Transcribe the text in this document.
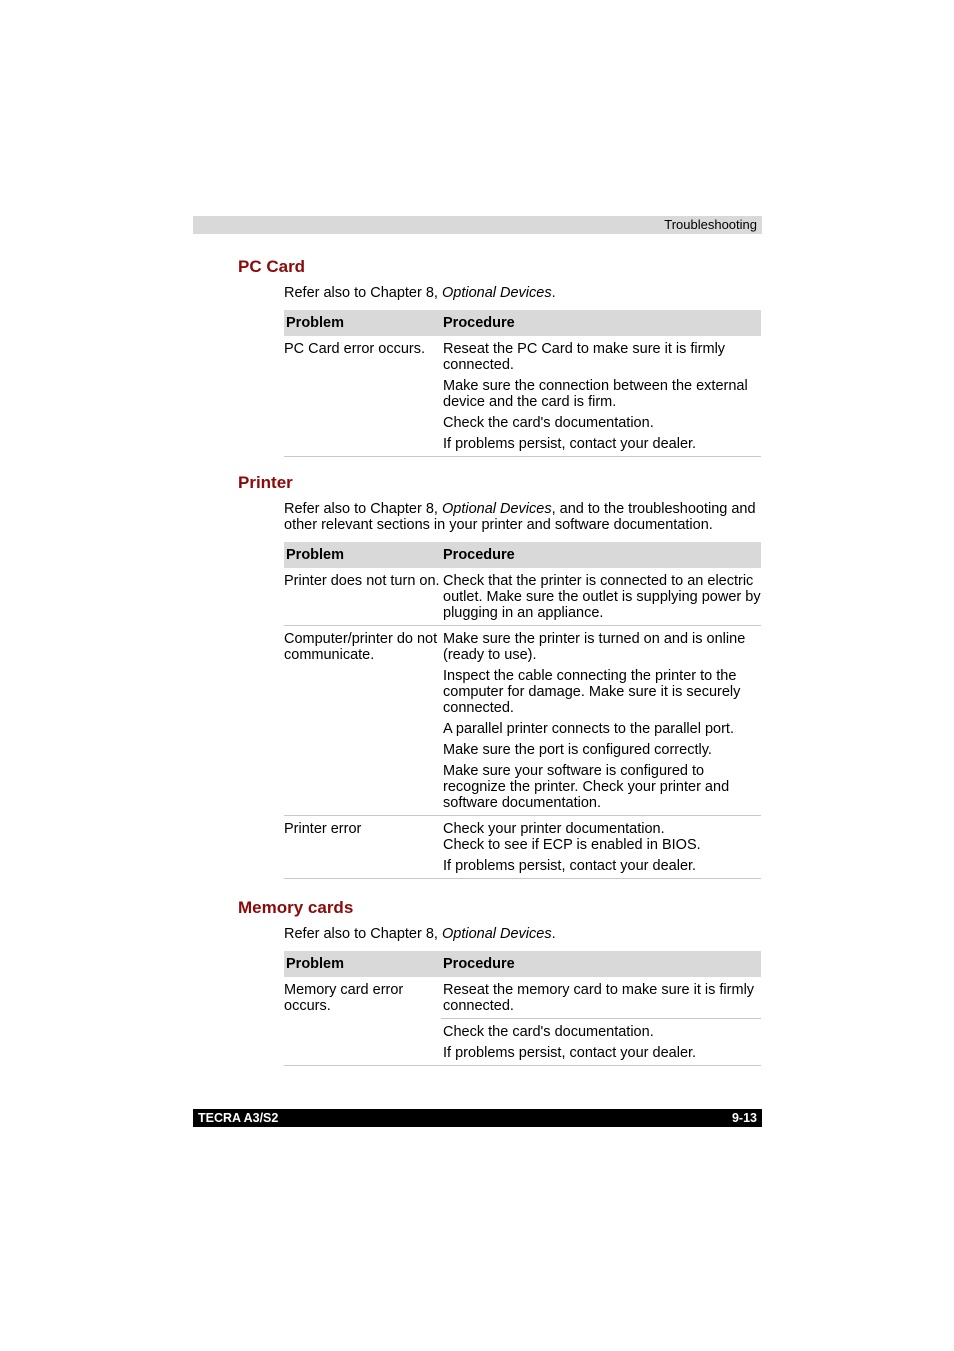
Troubleshooting
PC Card

Refer also to Chapter 8, Optional Devices.

Problem	Procedure

PC Card error occurs.	Reseat the PC Card to make sure it is firmly connected.

Make sure the connection between the external device and the card is firm.

Check the card's documentation.

If problems persist, contact your dealer.

Printer

Refer also to Chapter 8, Optional Devices, and to the troubleshooting and other relevant sections in your printer and software documentation.

Problem	Procedure

Printer does not turn on.	Check that the printer is connected to an electric outlet. Make sure the outlet is supplying power by plugging in an appliance.

Computer/printer do not communicate.	Make sure the printer is turned on and is online (ready to use).

Inspect the cable connecting the printer to the computer for damage. Make sure it is securely connected.

A parallel printer connects to the parallel port.

Make sure the port is configured correctly.

Make sure your software is configured to recognize the printer. Check your printer and software documentation.

Printer error	Check your printer documentation.
Check to see if ECP is enabled in BIOS.

If problems persist, contact your dealer.

Memory cards

Refer also to Chapter 8, Optional Devices.

Problem	Procedure

Memory card error occurs.	Reseat the memory card to make sure it is firmly connected.

	Check the card's documentation.

If problems persist, contact your dealer.

TECRA A3/S2	9-13
